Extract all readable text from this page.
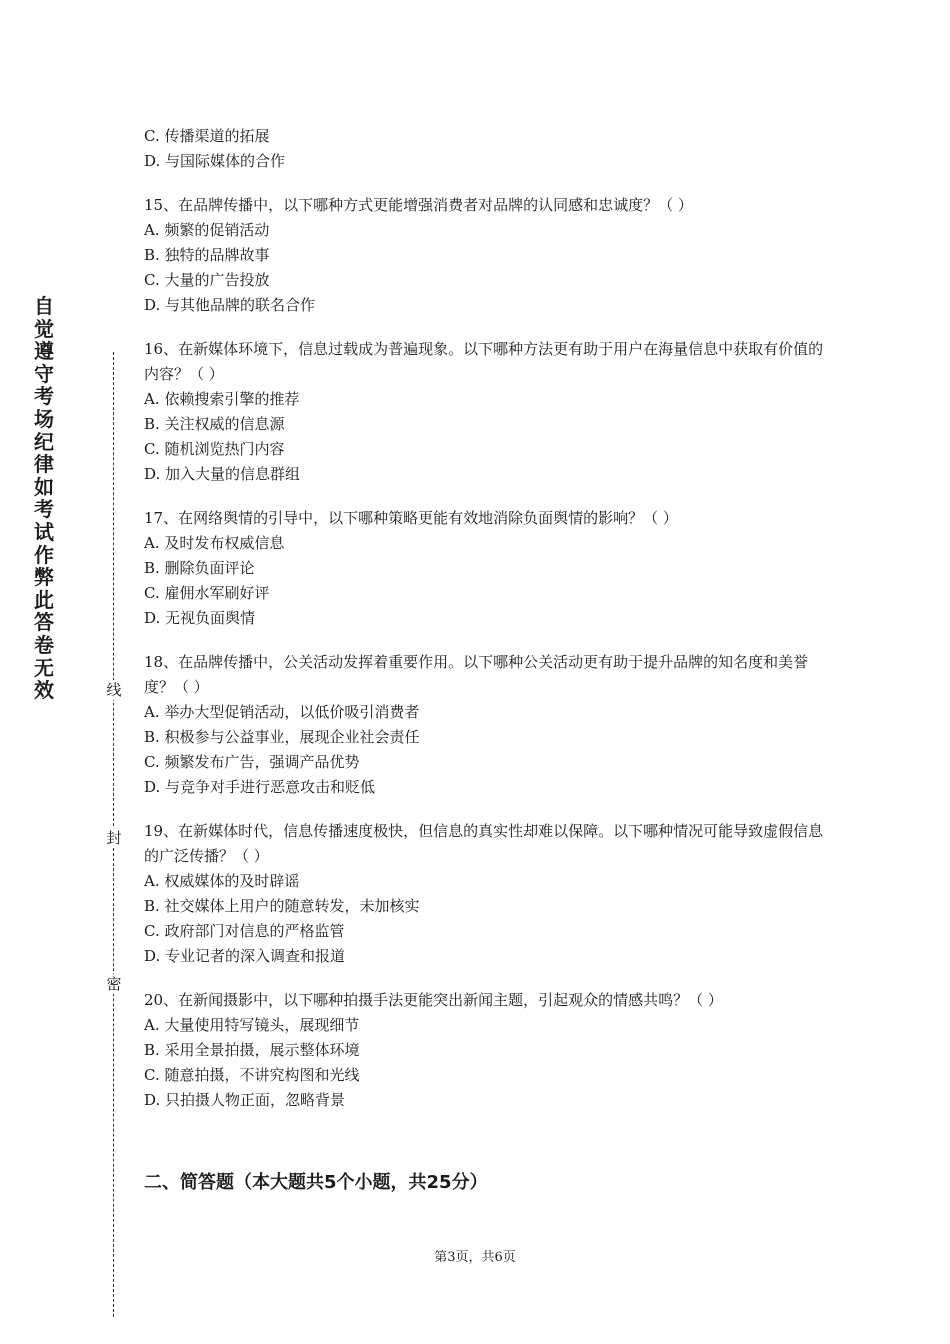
自
觉
遵
守
考
场
纪
律
如
考
试
作
弊
此
答
卷
无
效	线
封
密
C. 传播渠道的拓展
D. 与国际媒体的合作
15、在品牌传播中，以下哪种方式更能增强消费者对品牌的认同感和忠诚度？（ ）
A. 频繁的促销活动
B. 独特的品牌故事
C. 大量的广告投放
D. 与其他品牌的联名合作
16、在新媒体环境下，信息过载成为普遍现象。以下哪种方法更有助于用户在海量信息中获取有价值的内容？（ ）
A. 依赖搜索引擎的推荐
B. 关注权威的信息源
C. 随机浏览热门内容
D. 加入大量的信息群组
17、在网络舆情的引导中，以下哪种策略更能有效地消除负面舆情的影响？（ ）
A. 及时发布权威信息
B. 删除负面评论
C. 雇佣水军刷好评
D. 无视负面舆情
18、在品牌传播中，公关活动发挥着重要作用。以下哪种公关活动更有助于提升品牌的知名度和美誉度？（ ）
A. 举办大型促销活动，以低价吸引消费者
B. 积极参与公益事业，展现企业社会责任
C. 频繁发布广告，强调产品优势
D. 与竞争对手进行恶意攻击和贬低
19、在新媒体时代，信息传播速度极快，但信息的真实性却难以保障。以下哪种情况可能导致虚假信息的广泛传播？（ ）
A. 权威媒体的及时辟谣
B. 社交媒体上用户的随意转发，未加核实
C. 政府部门对信息的严格监管
D. 专业记者的深入调查和报道
20、在新闻摄影中，以下哪种拍摄手法更能突出新闻主题，引起观众的情感共鸣？（ ）
A. 大量使用特写镜头，展现细节
B. 采用全景拍摄，展示整体环境
C. 随意拍摄，不讲究构图和光线
D. 只拍摄人物正面，忽略背景
二、简答题（本大题共5个小题，共25分）
第3页，共6页
